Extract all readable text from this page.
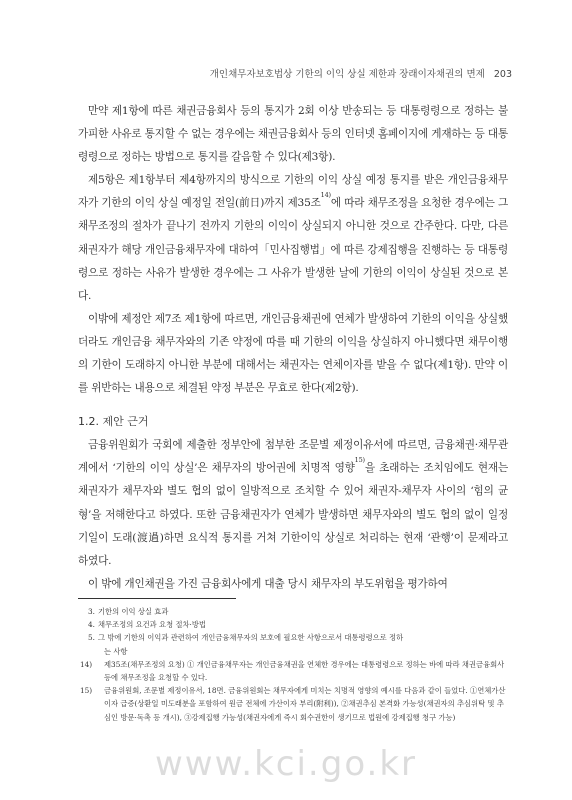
개인채무자보호법상 기한의 이익 상실 제한과 장래이자채권의 면제 203

만약 제1항에 따른 채권금융회사 등의 통지가 2회 이상 반송되는 등 대통령령으로 정하는 불가피한 사유로 통지할 수 없는 경우에는 채권금융회사 등의 인터넷 홈페이지에 게재하는 등 대통령령으로 정하는 방법으로 통지를 갈음할 수 있다(제3항).

제5항은 제1항부터 제4항까지의 방식으로 기한의 이익 상실 예정 통지를 받은 개인금융채무자가 기한의 이익 상실 예정일 전일(前日)까지 제35조$^{14)}$에 따라 채무조정을 요청한 경우에는 그 채무조정의 절차가 끝나기 전까지 기한의 이익이 상실되지 아니한 것으로 간주한다. 다만, 다른 채권자가 해당 개인금융채무자에 대하여「민사집행법」에 따른 강제집행을 진행하는 등 대통령령으로 정하는 사유가 발생한 경우에는 그 사유가 발생한 날에 기한의 이익이 상실된 것으로 본다.

이밖에 제정안 제7조 제1항에 따르면, 개인금융채권에 연체가 발생하여 기한의 이익을 상실했더라도 개인금융 채무자와의 기존 약정에 따를 때 기한의 이익을 상실하지 아니했다면 채무이행의 기한이 도래하지 아니한 부분에 대해서는 채권자는 연체이자를 받을 수 없다(제1항). 만약 이를 위반하는 내용으로 체결된 약정 부분은 무효로 한다(제2항).

1.2. 제안 근거

금융위원회가 국회에 제출한 정부안에 첨부한 조문별 제정이유서에 따르면, 금융채권·채무관계에서 ‘기한의 이익 상실’은 채무자의 방어권에 치명적 영향$^{15)}$을 초래하는 조치임에도 현재는 채권자가 채무자와 별도 협의 없이 일방적으로 조치할 수 있어 채권자-채무자 사이의 ‘힘의 균형’을 저해한다고 하였다. 또한 금융채권자가 연체가 발생하면 채무자와의 별도 협의 없이 일정 기일이 도래(渡過)하면 요식적 통지를 거쳐 기한이익 상실로 처리하는 현재 ‘관행’이 문제라고 하였다.

이 밖에 개인채권을 가진 금융회사에게 대출 당시 채무자의 부도위험을 평가하여

3. 기한의 이익 상실 효과
4. 채무조정의 요건과 요청 절차·방법
5. 그 밖에 기한의 이익과 관련하여 개인금융채무자의 보호에 필요한 사항으로서 대통령령으로 정하
는 사항
14) 제35조(채무조정의 요청) ① 개인금융채무자는 개인금융채권을 연체한 경우에는 대통령령으로 정하는 바에 따라 채권금융회사등에 채무조정을 요청할 수 있다.
15) 금융위원회, 조문별 제정이유서, 18면. 금융위원회는 채무자에게 미치는 치명적 영향의 예시를 다음과 같이 들었다. ①연체가산이자 급증(상환일 미도래분을 포함하여 원금 전체에 가산이자 부리(附利)), ②채권추심 본격화 가능성(채권자의 추심위탁 및 추심인 방문·독촉 등 개시), ③강제집행 가능성(채권자에게 즉시 회수권한이 생기므로 법원에 강제집행 청구 가능)
www.kci.go.kr
